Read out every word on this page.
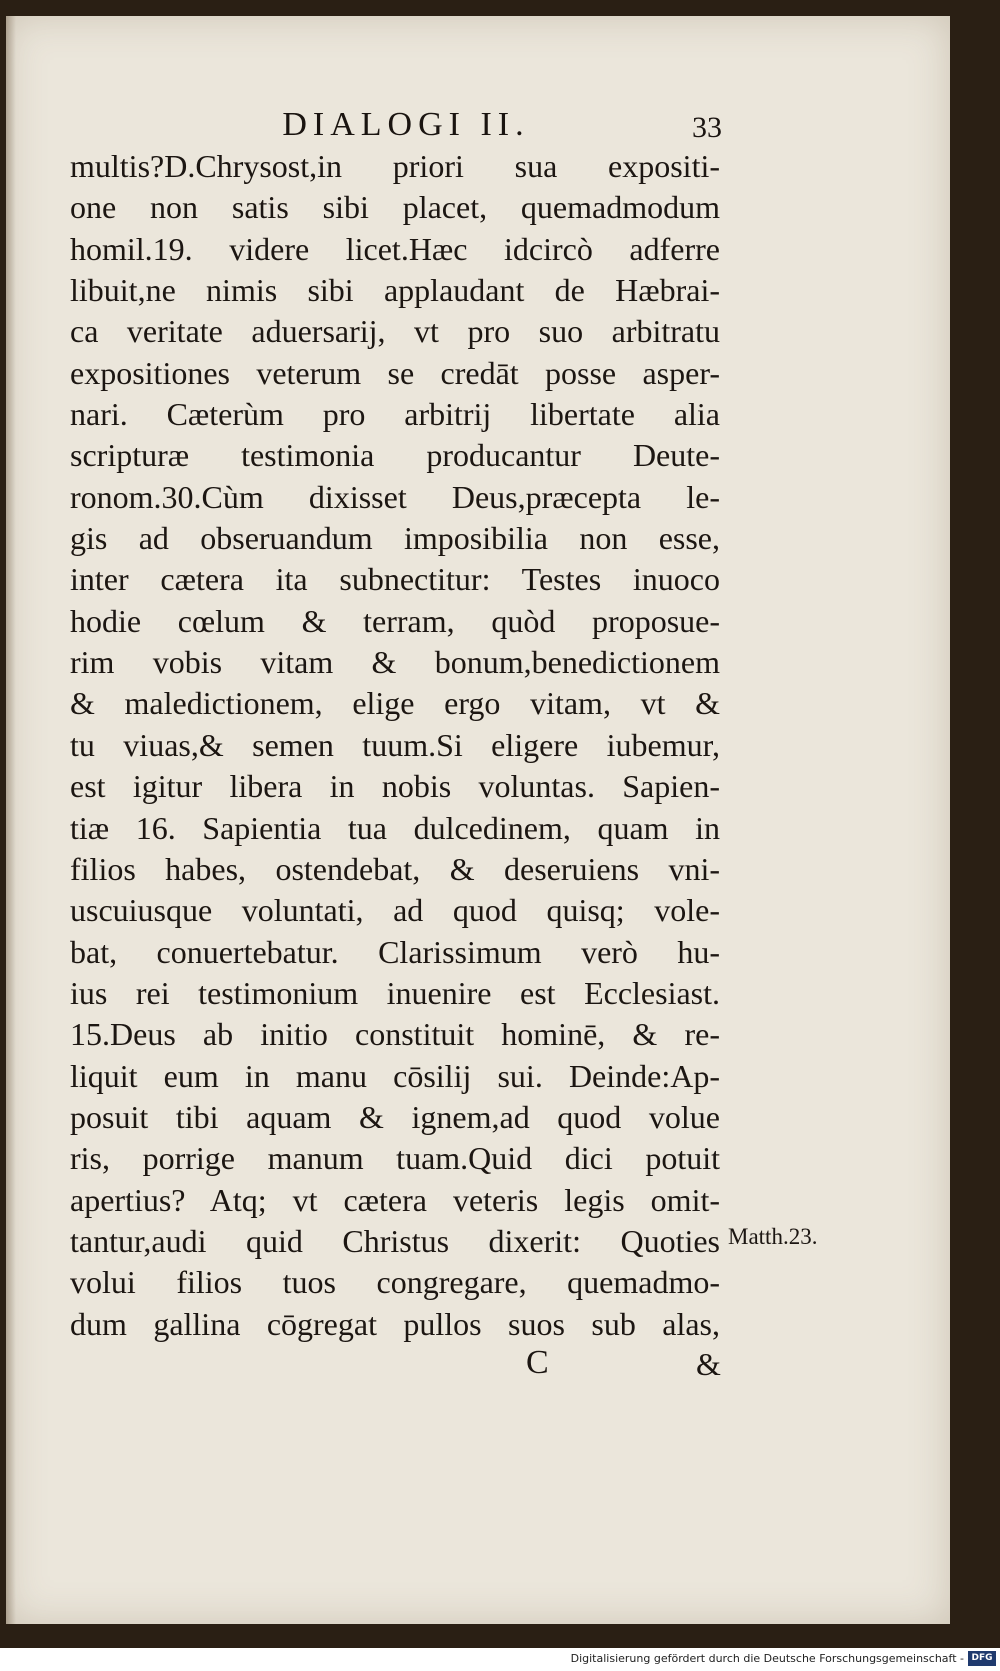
DIALOGI II.	33
multis?D.Chrysost,in priori sua expositi-
one non satis sibi placet, quemadmodum
homil.19. videre licet.Hæc idcircò adferre
libuit,ne nimis sibi applaudant de Hæbrai-
ca veritate aduersarij, vt pro suo arbitratu
expositiones veterum se credāt posse asper-
nari. Cæterùm pro arbitrij libertate alia
scripturæ testimonia producantur Deute-
ronom.30.Cùm dixisset Deus,præcepta le-
gis ad obseruandum imposibilia non esse,
inter cætera ita subnectitur: Testes inuoco
hodie cœlum & terram, quòd proposue-
rim vobis vitam & bonum,benedictionem
& maledictionem, elige ergo vitam, vt &
tu viuas,& semen tuum.Si eligere iubemur,
est igitur libera in nobis voluntas. Sapien-
tiæ 16. Sapientia tua dulcedinem, quam in
filios habes, ostendebat, & deseruiens vni-
uscuiusque voluntati, ad quod quisq; vole-
bat, conuertebatur. Clarissimum verò hu-
ius rei testimonium inuenire est Ecclesiast.
15.Deus ab initio constituit hominē, & re-
liquit eum in manu cōsilij sui. Deinde:Ap-
posuit tibi aquam & ignem,ad quod volue
ris, porrige manum tuam.Quid dici potuit
apertius? Atq; vt cætera veteris legis omit-
tantur,audi quid Christus dixerit: Quoties
volui filios tuos congregare, quemadmo-
dum gallina cōgregat pullos suos sub alas,
Matth.23.
C	&
Digitalisierung gefördert durch die Deutsche Forschungsgemeinschaft - DFG
